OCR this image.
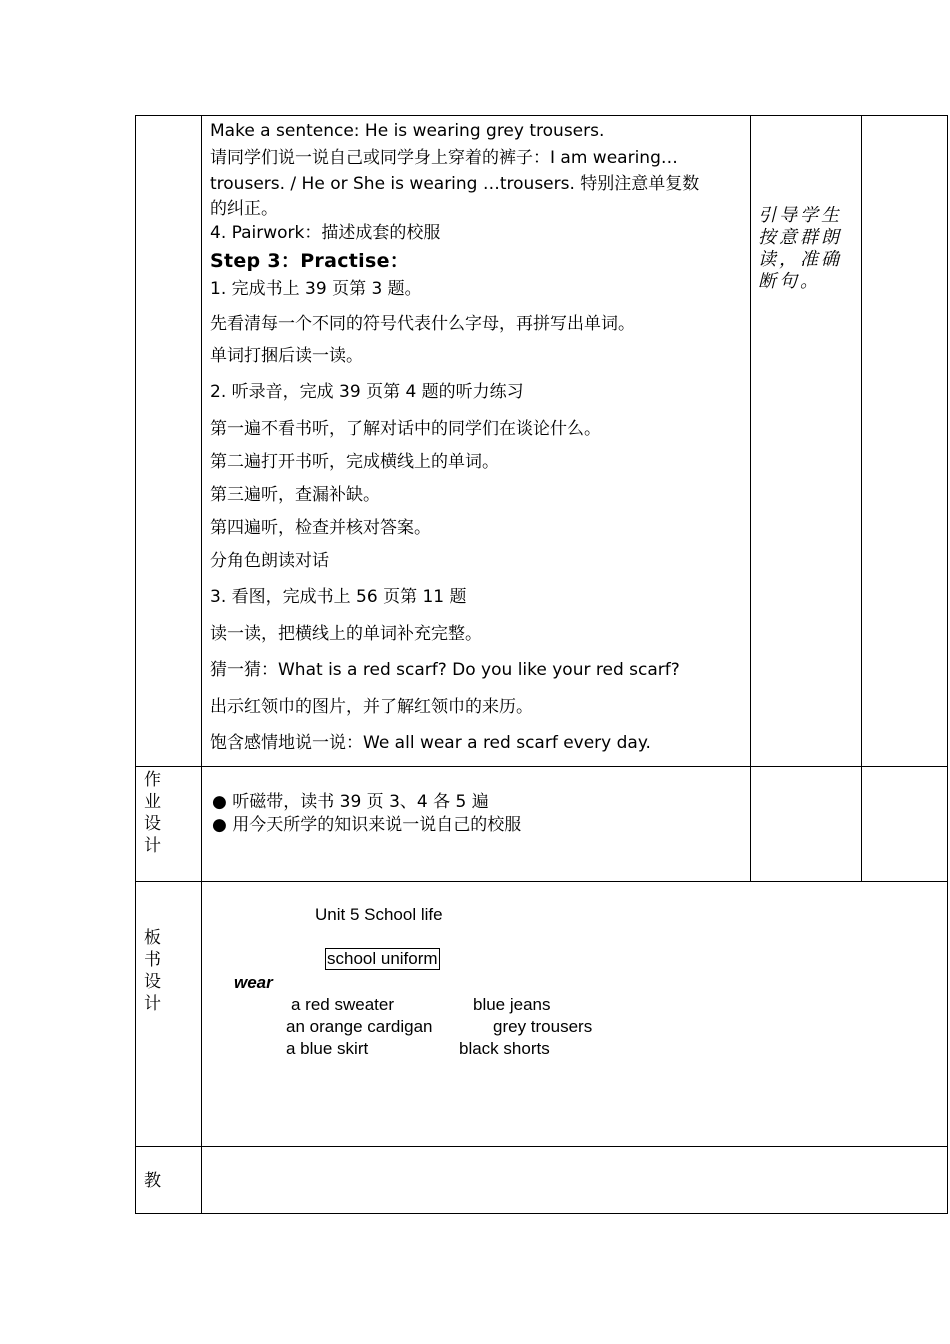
Make a sentence: He is wearing grey trousers.
请同学们说一说自己或同学身上穿着的裤子：I am wearing…
trousers. / He or She is wearing …trousers. 特别注意单复数
的纠正。
4. Pairwork：描述成套的校服
Step 3：Practise：
1. 完成书上 39 页第 3 题。
先看清每一个不同的符号代表什么字母，再拼写出单词。
单词打捆后读一读。
2. 听录音，完成 39 页第 4 题的听力练习
第一遍不看书听，了解对话中的同学们在谈论什么。
第二遍打开书听，完成横线上的单词。
第三遍听，查漏补缺。
第四遍听，检查并核对答案。
分角色朗读对话
3. 看图，完成书上 56 页第 11 题
读一读，把横线上的单词补充完整。
猜一猜：What is a red scarf? Do you like your red scarf?
出示红领巾的图片，并了解红领巾的来历。
饱含感情地说一说：We all wear a red scarf every day.
引导学生按意群朗读，准确断句。
作
业
设
计
● 听磁带，读书 39 页 3、4 各 5 遍
● 用今天所学的知识来说一说自己的校服
板
书
设
计
Unit 5 School life
school uniform
wear
a red sweater
an orange cardigan
a blue skirt
blue jeans
grey trousers
black shorts
教
